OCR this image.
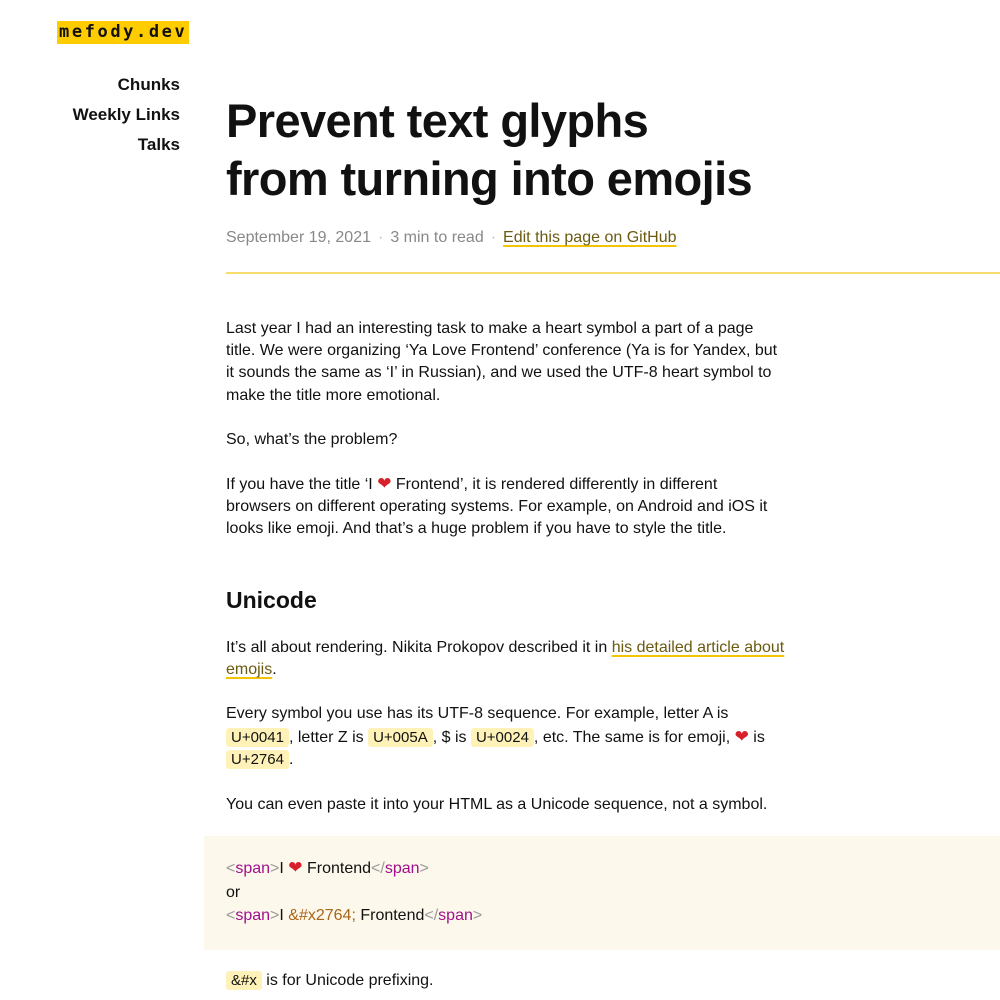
mefody.dev
Chunks
Weekly Links
Talks Prevent text glyphs
from turning into emojis
September 19, 2021 · 3 min to read · Edit this page on GitHub

Last year I had an interesting task to make a heart symbol a part of a page title. We were organizing ‘Ya Love Frontend’ conference (Ya is for Yandex, but it sounds the same as ‘I’ in Russian), and we used the UTF-8 heart symbol to make the title more emotional.

So, what’s the problem?

If you have the title ‘I ❤ Frontend’, it is rendered differently in different browsers on different operating systems. For example, on Android and iOS it looks like emoji. And that’s a huge problem if you have to style the title.

Unicode

It’s all about rendering. Nikita Prokopov described it in his detailed article about emojis.

Every symbol you use has its UTF-8 sequence. For example, letter A is U+0041 , letter Z is U+005A , $ is U+0024 , etc. The same is for emoji, ❤ is U+2764 .

You can even paste it into your HTML as a Unicode sequence, not a symbol.

<span>I ❤ Frontend</span>
or
<span>I &#x2764; Frontend</span>

&#x is for Unicode prefixing.
